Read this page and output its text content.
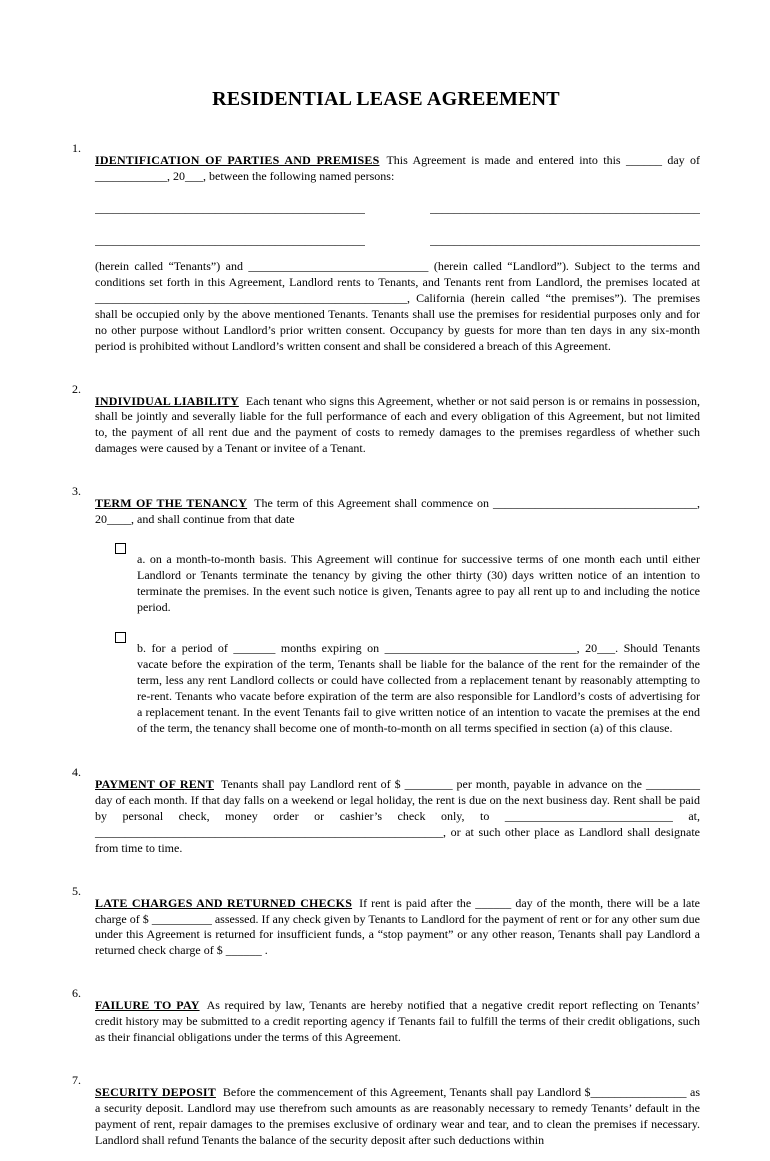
RESIDENTIAL LEASE AGREEMENT
1.

IDENTIFICATION OF PARTIES AND PREMISES This Agreement is made and entered into this ______ day of ____________, 20___, between the following named persons:

_____________________________________________	_____________________________________________
_____________________________________________	_____________________________________________

(herein called “Tenants”) and ______________________________ (herein called “Landlord”). Subject to the terms and conditions set forth in this Agreement, Landlord rents to Tenants, and Tenants rent from Landlord, the premises located at ____________________________________________________, California (herein called “the premises”). The premises shall be occupied only by the above mentioned Tenants. Tenants shall use the premises for residential purposes only and for no other purpose without Landlord’s prior written consent. Occupancy by guests for more than ten days in any six-month period is prohibited without Landlord’s written consent and shall be considered a breach of this Agreement.

2.

INDIVIDUAL LIABILITY Each tenant who signs this Agreement, whether or not said person is or remains in possession, shall be jointly and severally liable for the full performance of each and every obligation of this Agreement, but not limited to, the payment of all rent due and the payment of costs to remedy damages to the premises regardless of whether such damages were caused by a Tenant or invitee of a Tenant.

3.

TERM OF THE TENANCY The term of this Agreement shall commence on __________________________________, 20____, and shall continue from that date

a. on a month-to-month basis. This Agreement will continue for successive terms of one month each until either Landlord or Tenants terminate the tenancy by giving the other thirty (30) days written notice of an intention to terminate the premises. In the event such notice is given, Tenants agree to pay all rent up to and including the notice period.

b. for a period of _______ months expiring on ________________________________, 20___. Should Tenants vacate before the expiration of the term, Tenants shall be liable for the balance of the rent for the remainder of the term, less any rent Landlord collects or could have collected from a replacement tenant by reasonably attempting to re-rent. Tenants who vacate before expiration of the term are also responsible for Landlord’s costs of advertising for a replacement tenant. In the event Tenants fail to give written notice of an intention to vacate the premises at the end of the term, the tenancy shall become one of month-to-month on all terms specified in section (a) of this clause.

4.

PAYMENT OF RENT Tenants shall pay Landlord rent of $ ________ per month, payable in advance on the _________ day of each month. If that day falls on a weekend or legal holiday, the rent is due on the next business day. Rent shall be paid by personal check, money order or cashier’s check only, to ____________________________ at, __________________________________________________________, or at such other place as Landlord shall designate from time to time.

5.

LATE CHARGES AND RETURNED CHECKS If rent is paid after the ______ day of the month, there will be a late charge of $ __________ assessed. If any check given by Tenants to Landlord for the payment of rent or for any other sum due under this Agreement is returned for insufficient funds, a “stop payment” or any other reason, Tenants shall pay Landlord a returned check charge of $ ______ .

6.

FAILURE TO PAY As required by law, Tenants are hereby notified that a negative credit report reflecting on Tenants’ credit history may be submitted to a credit reporting agency if Tenants fail to fulfill the terms of their credit obligations, such as their financial obligations under the terms of this Agreement.

7.

SECURITY DEPOSIT Before the commencement of this Agreement, Tenants shall pay Landlord $________________ as a security deposit. Landlord may use therefrom such amounts as are reasonably necessary to remedy Tenants’ default in the payment of rent, repair damages to the premises exclusive of ordinary wear and tear, and to clean the premises if necessary. Landlord shall refund Tenants the balance of the security deposit after such deductions within
